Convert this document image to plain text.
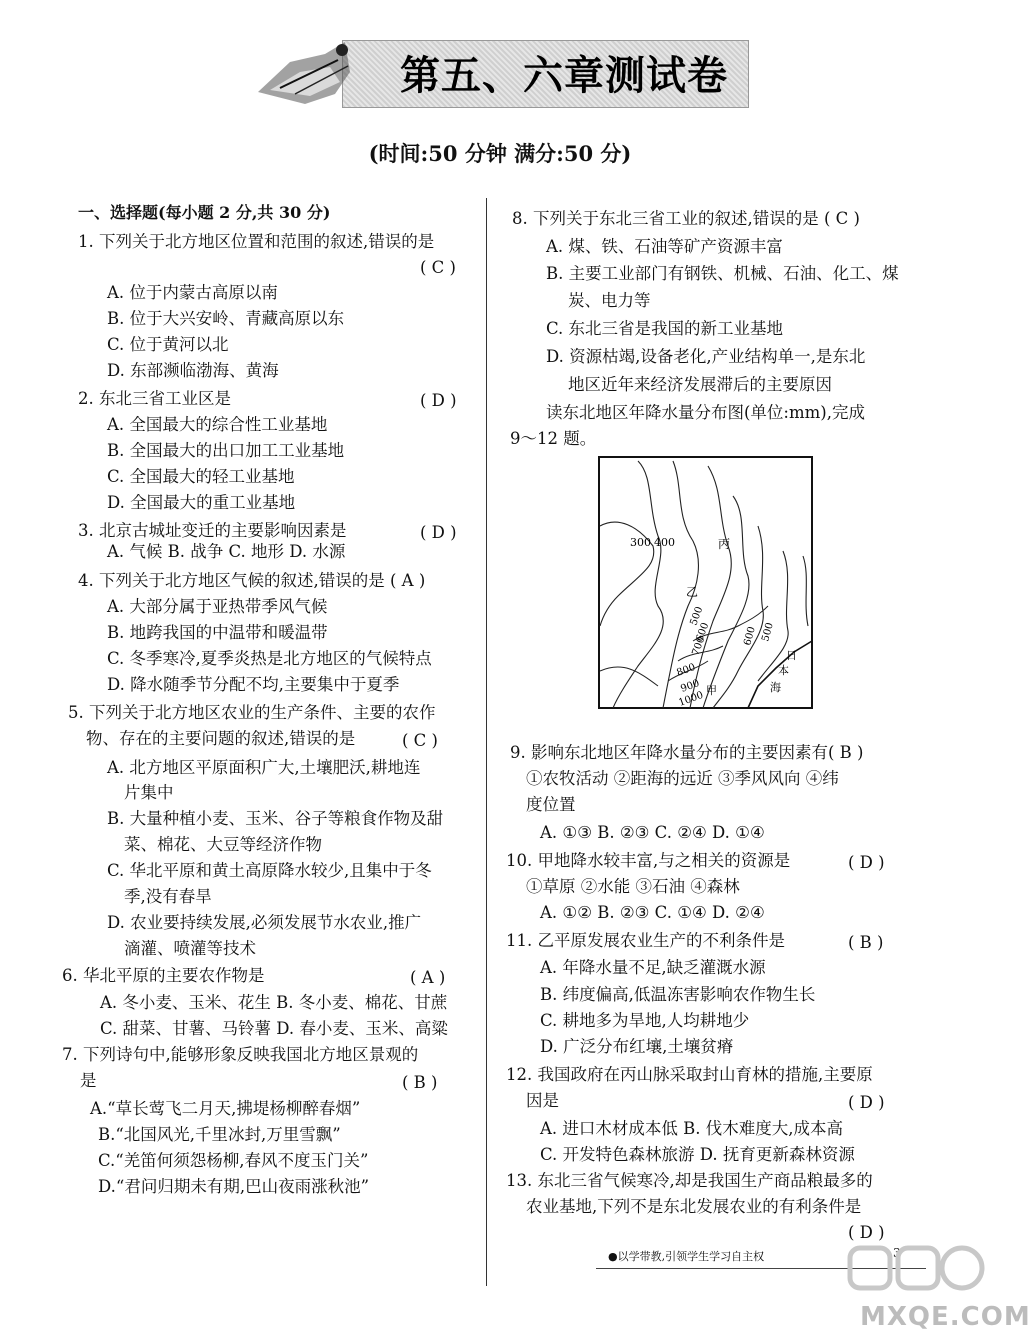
第五、六章测试卷
(时间:50 分钟 满分:50 分)
一、选择题(每小题 2 分,共 30 分)
1. 下列关于北方地区位置和范围的叙述,错误的是
( C )
A. 位于内蒙古高原以南
B. 位于大兴安岭、青藏高原以东
C. 位于黄河以北
D. 东部濒临渤海、黄海
2. 东北三省工业区是	( D )
A. 全国最大的综合性工业基地
B. 全国最大的出口加工工业基地
C. 全国最大的轻工业基地
D. 全国最大的重工业基地
3. 北京古城址变迁的主要影响因素是	( D )
A. 气候 B. 战争 C. 地形 D. 水源
4. 下列关于北方地区气候的叙述,错误的是 ( A )
A. 大部分属于亚热带季风气候
B. 地跨我国的中温带和暖温带
C. 冬季寒冷,夏季炎热是北方地区的气候特点
D. 降水随季节分配不均,主要集中于夏季
5. 下列关于北方地区农业的生产条件、主要的农作
物、存在的主要问题的叙述,错误的是	( C )
A. 北方地区平原面积广大,土壤肥沃,耕地连
片集中
B. 大量种植小麦、玉米、谷子等粮食作物及甜
菜、棉花、大豆等经济作物
C. 华北平原和黄土高原降水较少,且集中于冬
季,没有春旱
D. 农业要持续发展,必须发展节水农业,推广
滴灌、喷灌等技术
6. 华北平原的主要农作物是	( A )
A. 冬小麦、玉米、花生 B. 冬小麦、棉花、甘蔗
C. 甜菜、甘薯、马铃薯 D. 春小麦、玉米、高粱
7. 下列诗句中,能够形象反映我国北方地区景观的
是	( B )
A.“草长莺飞二月天,拂堤杨柳醉春烟”
B.“北国风光,千里冰封,万里雪飘”
C.“羌笛何须怨杨柳,春风不度玉门关”
D.“君问归期未有期,巴山夜雨涨秋池”
8. 下列关于东北三省工业的叙述,错误的是 ( C )
A. 煤、铁、石油等矿产资源丰富
B. 主要工业部门有钢铁、机械、石油、化工、煤
炭、电力等
C. 东北三省是我国的新工业基地
D. 资源枯竭,设备老化,产业结构单一,是东北
地区近年来经济发展滞后的主要原因
读东北地区年降水量分布图(单位:mm),完成
9～12 题。
9. 影响东北地区年降水量分布的主要因素有( B )
①农牧活动 ②距海的远近 ③季风风向 ④纬
度位置
A. ①③ B. ②③ C. ②④ D. ①④
10. 甲地降水较丰富,与之相关的资源是	( D )
①草原 ②水能 ③石油 ④森林
A. ①② B. ②③ C. ①④ D. ②④
11. 乙平原发展农业生产的不利条件是	( B )
A. 年降水量不足,缺乏灌溉水源
B. 纬度偏高,低温冻害影响农作物生长
C. 耕地多为旱地,人均耕地少
D. 广泛分布红壤,土壤贫瘠
12. 我国政府在丙山脉采取封山育林的措施,主要原
因是	( D )
A. 进口木材成本低 B. 伐木难度大,成本高
C. 开发特色森林旅游 D. 抚育更新森林资源
13. 东北三省气候寒冷,却是我国生产商品粮最多的
农业基地,下列不是东北发展农业的有利条件是
( D )
300 400	丙
乙
甲
500
600
700
800
900
1000
600 500
日
本
海
●以学带教,引领学生学习自主权	3
MXQE.COM
